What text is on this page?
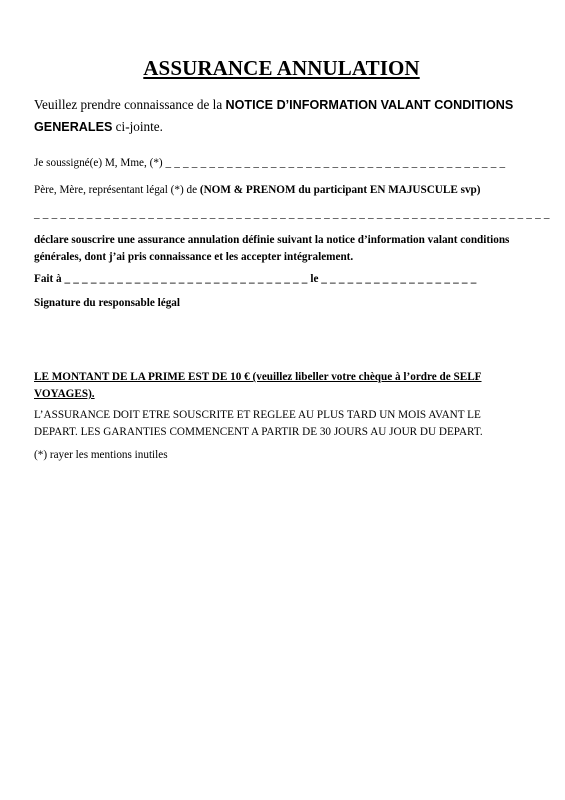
ASSURANCE ANNULATION
Veuillez prendre connaissance de la NOTICE D’INFORMATION VALANT CONDITIONS
GENERALES ci-jointe.
Je soussigné(e) M, Mme, (*) _ _ _ _ _ _ _ _ _ _ _ _ _ _ _ _ _ _ _ _ _ _ _ _ _ _ _ _ _ _ _ _ _ _ _ _ _ _ _
Père, Mère, représentant légal (*) de (NOM & PRENOM du participant EN MAJUSCULE svp)
_ _ _ _ _ _ _ _ _ _ _ _ _ _ _ _ _ _ _ _ _ _ _ _ _ _ _ _ _ _ _ _ _ _ _ _ _ _ _ _ _ _ _ _ _ _ _ _ _ _ _ _ _ _ _ _ _ _ _
déclare souscrire une assurance annulation définie suivant la notice d’information valant conditions générales, dont j’ai pris connaissance et les accepter intégralement.
Fait à _ _ _ _ _ _ _ _ _ _ _ _ _ _ _ _ _ _ _ _ _ _ _ _ _ _ _ _ le _ _ _ _ _ _ _ _ _ _ _ _ _ _ _ _ _ _
Signature du responsable légal
LE MONTANT DE LA PRIME EST DE 10 € (veuillez libeller votre chèque à l’ordre de SELF VOYAGES).
L’ASSURANCE DOIT ETRE SOUSCRITE ET REGLEE AU PLUS TARD UN MOIS AVANT LE DEPART. LES GARANTIES COMMENCENT A PARTIR DE 30 JOURS AU JOUR DU DEPART.
(*) rayer les mentions inutiles
